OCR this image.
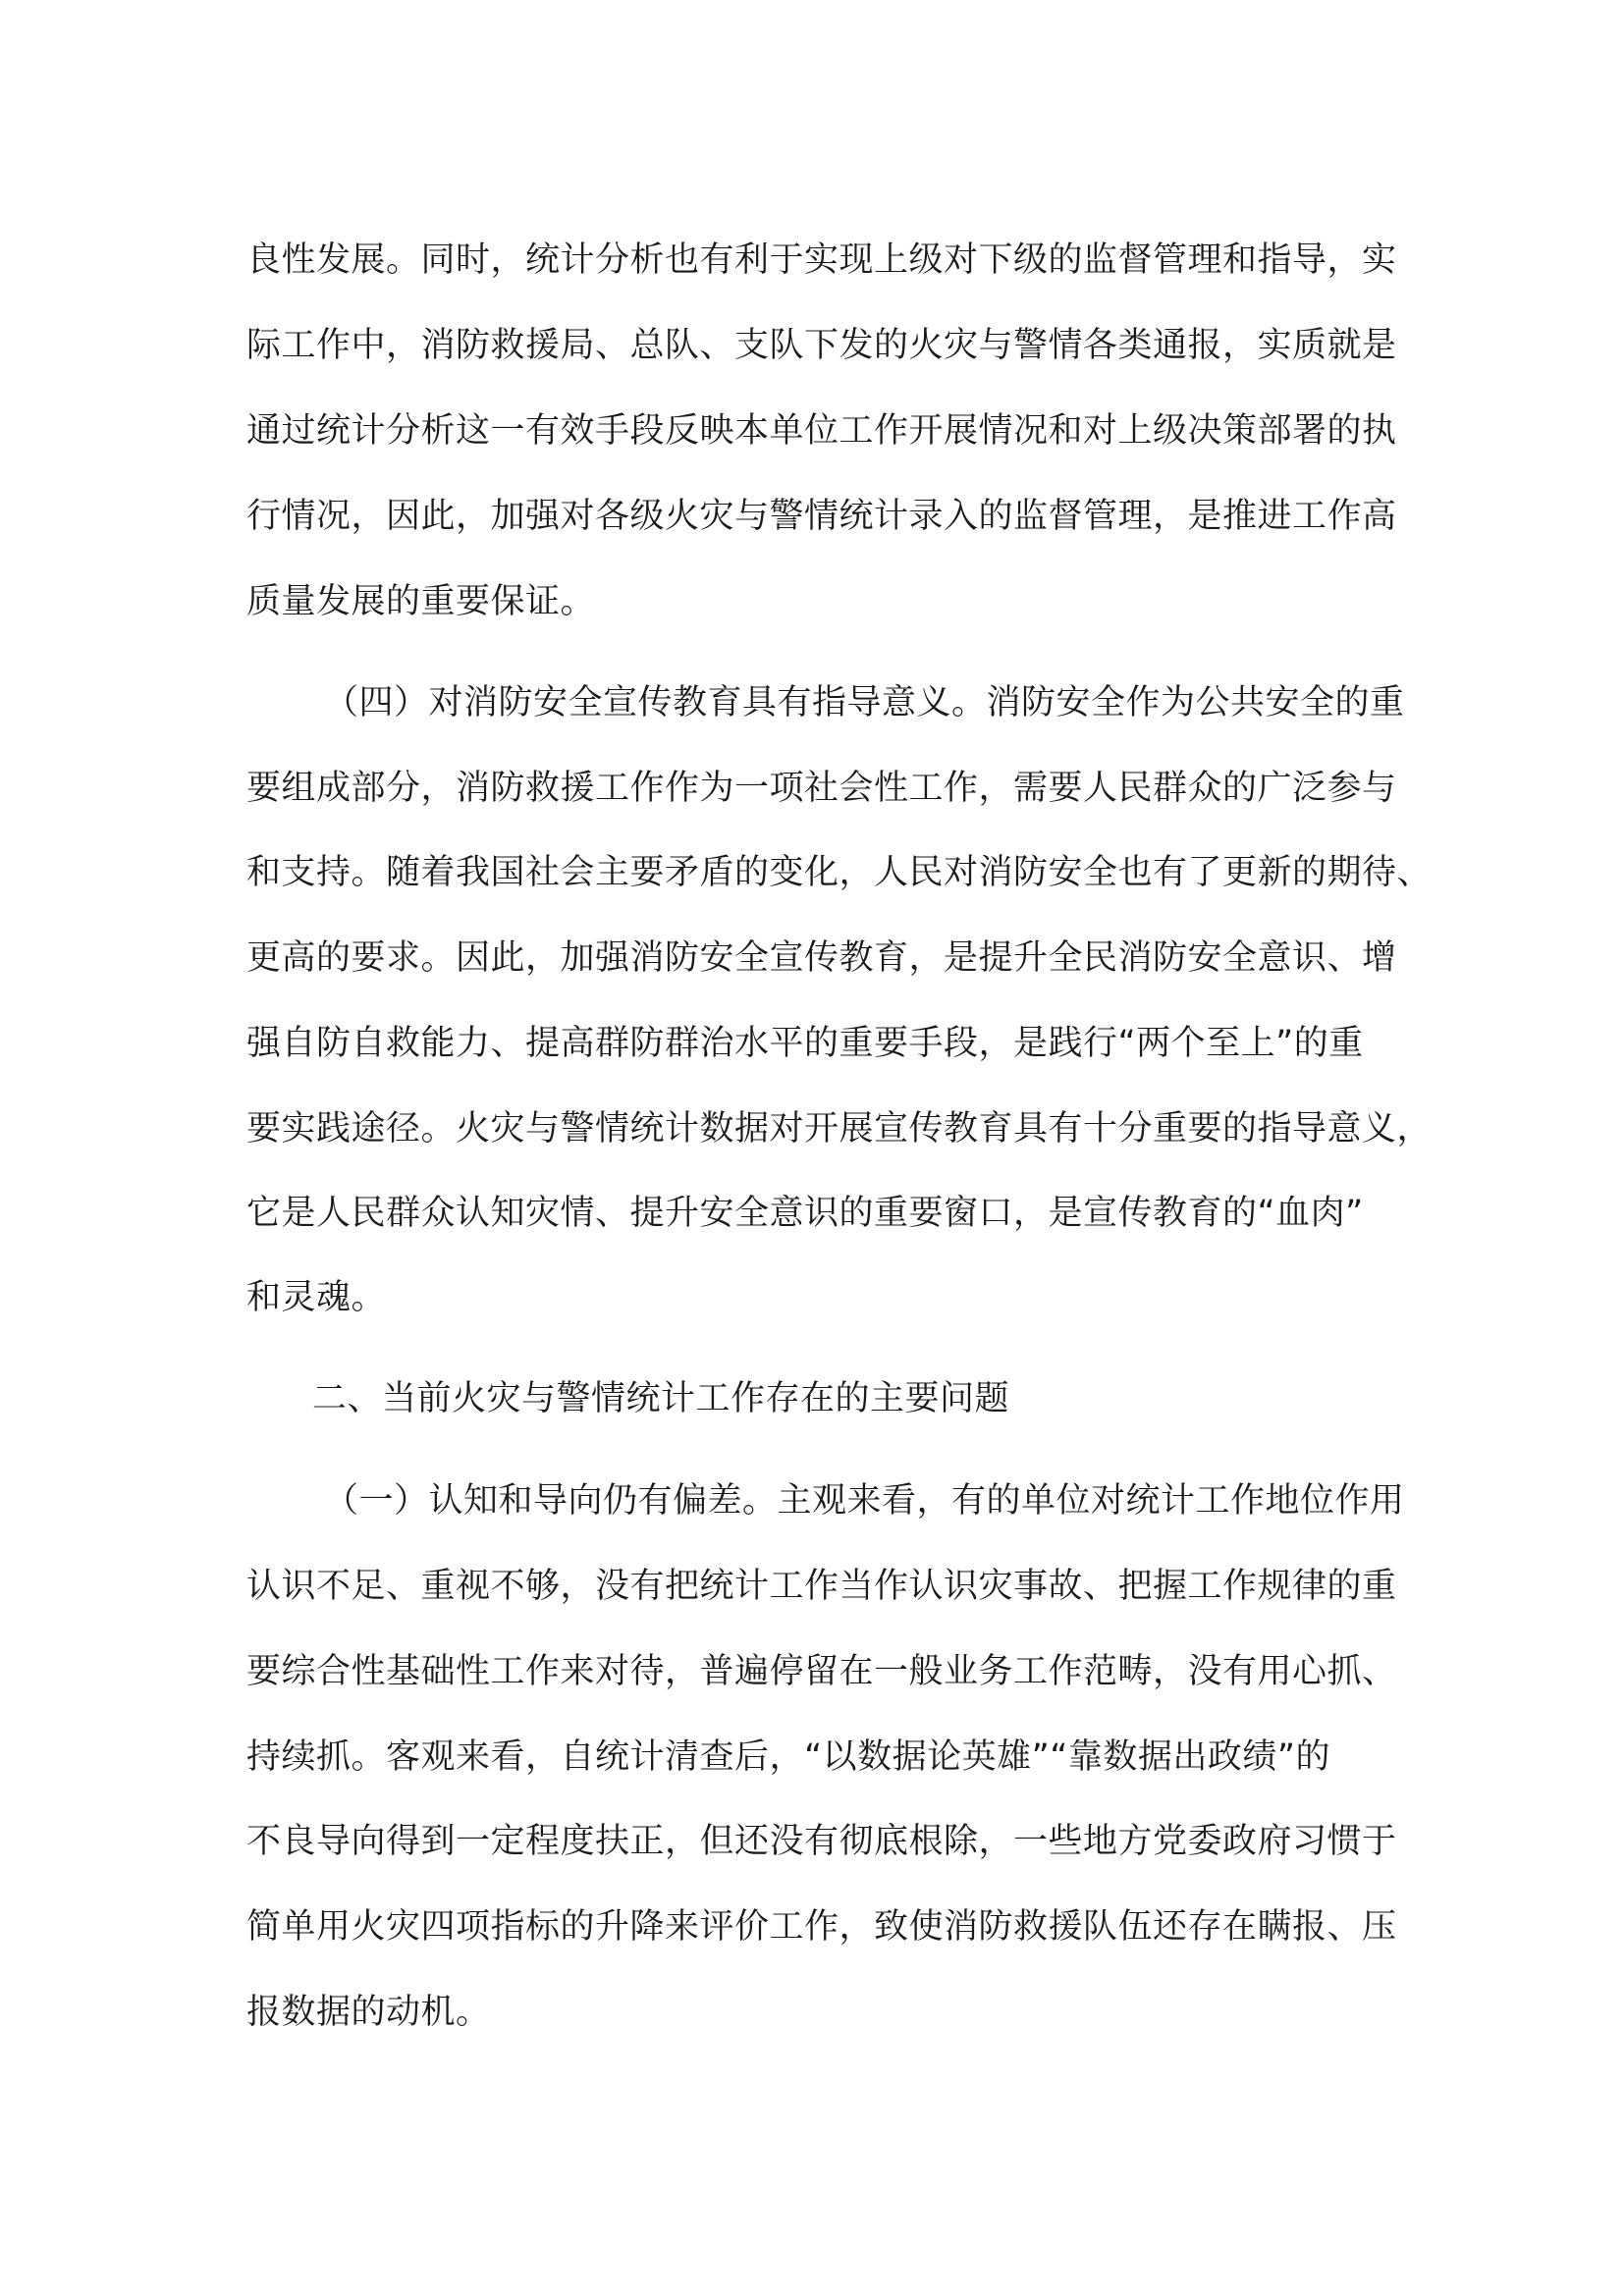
良性发展。同时，统计分析也有利于实现上级对下级的监督管理和指导，实
际工作中，消防救援局、总队、支队下发的火灾与警情各类通报，实质就是
通过统计分析这一有效手段反映本单位工作开展情况和对上级决策部署的执
行情况，因此，加强对各级火灾与警情统计录入的监督管理，是推进工作高
质量发展的重要保证。
（四）对消防安全宣传教育具有指导意义。消防安全作为公共安全的重
要组成部分，消防救援工作作为一项社会性工作，需要人民群众的广泛参与
和支持。随着我国社会主要矛盾的变化，人民对消防安全也有了更新的期待、
更高的要求。因此，加强消防安全宣传教育，是提升全民消防安全意识、增
强自防自救能力、提高群防群治水平的重要手段，是践行“两个至上”的重
要实践途径。火灾与警情统计数据对开展宣传教育具有十分重要的指导意义，
它是人民群众认知灾情、提升安全意识的重要窗口，是宣传教育的“血肉”
和灵魂。
二、当前火灾与警情统计工作存在的主要问题
（一）认知和导向仍有偏差。主观来看，有的单位对统计工作地位作用
认识不足、重视不够，没有把统计工作当作认识灾事故、把握工作规律的重
要综合性基础性工作来对待，普遍停留在一般业务工作范畴，没有用心抓、
持续抓。客观来看，自统计清查后，“以数据论英雄”“靠数据出政绩”的
不良导向得到一定程度扶正，但还没有彻底根除，一些地方党委政府习惯于
简单用火灾四项指标的升降来评价工作，致使消防救援队伍还存在瞒报、压
报数据的动机。
